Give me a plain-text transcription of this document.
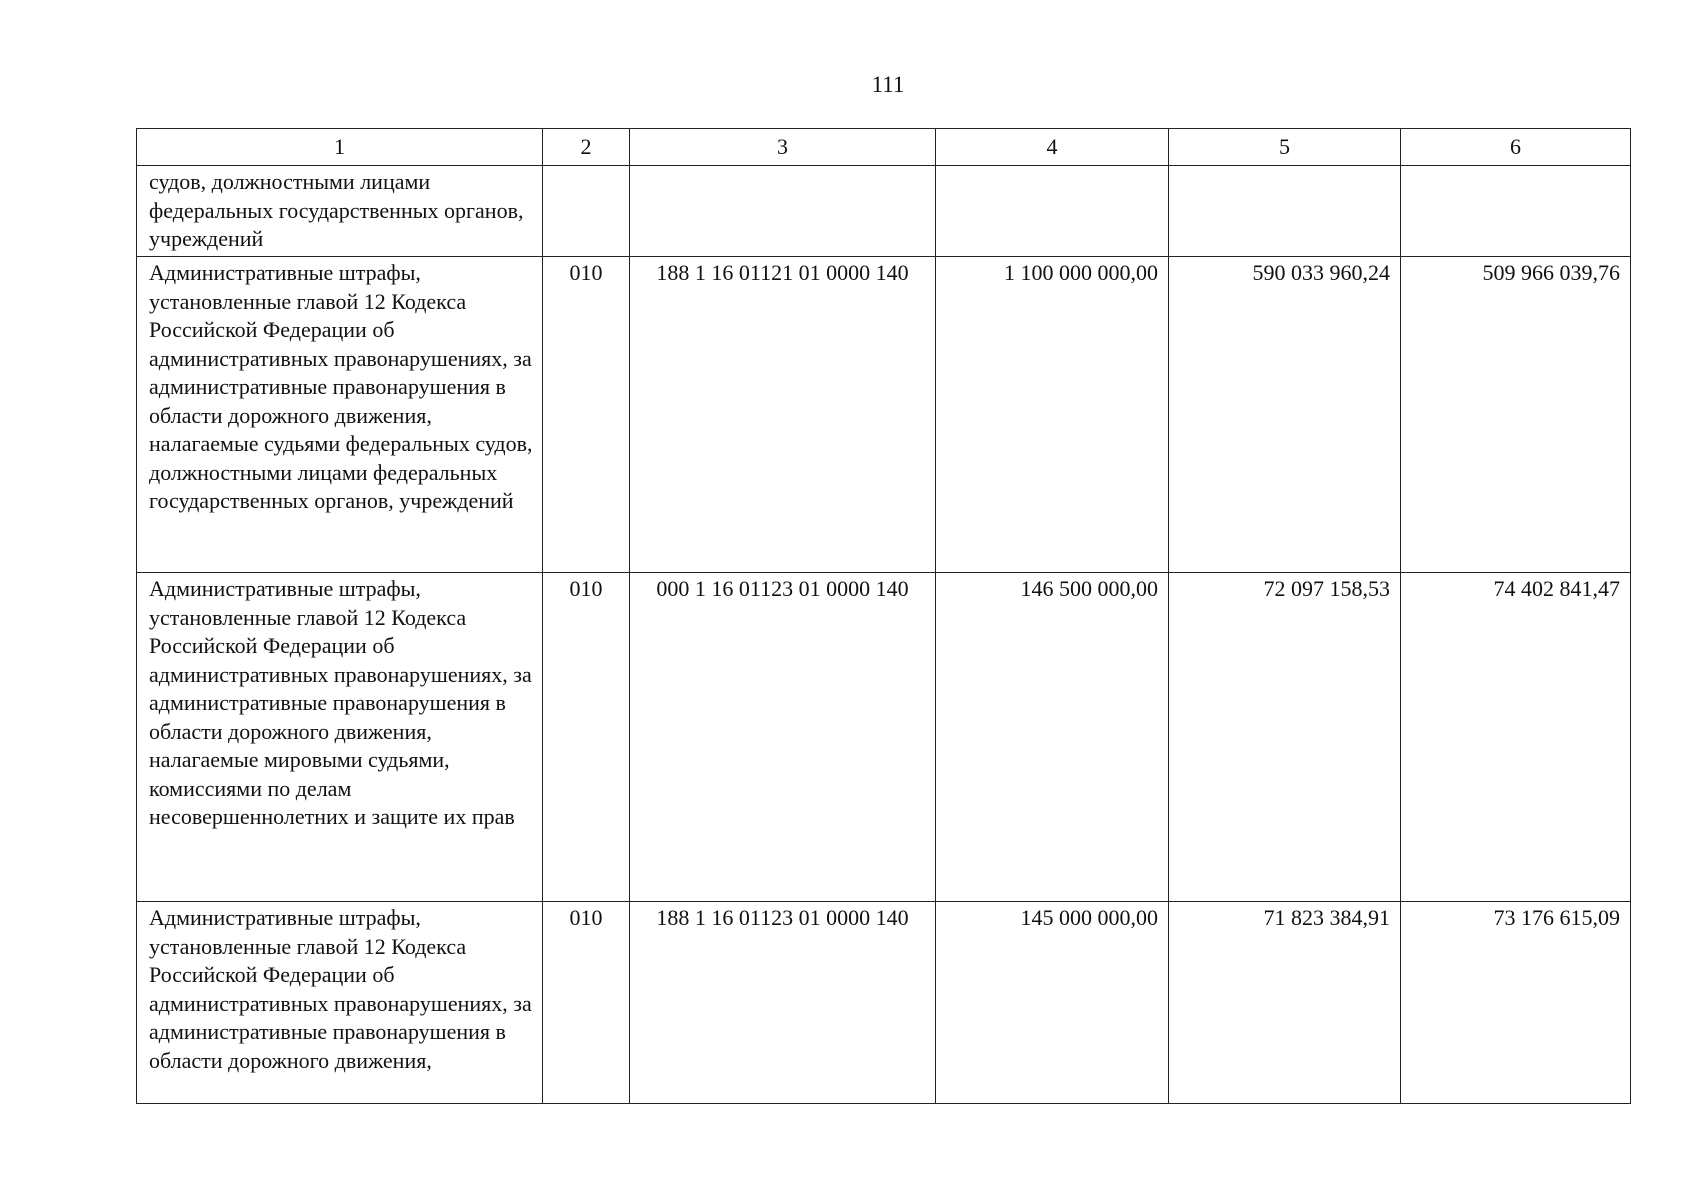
111
1	2	3	4	5	6
судов, должностными лицами федеральных государственных органов, учреждений					
Административные штрафы, установленные главой 12 Кодекса Российской Федерации об административных правонарушениях, за административные правонарушения в области дорожного движения, налагаемые судьями федеральных судов, должностными лицами федеральных государственных органов, учреждений	010	188 1 16 01121 01 0000 140	1 100 000 000,00	590 033 960,24	509 966 039,76
Административные штрафы, установленные главой 12 Кодекса Российской Федерации об административных правонарушениях, за административные правонарушения в области дорожного движения, налагаемые мировыми судьями, комиссиями по делам несовершеннолетних и защите их прав	010	000 1 16 01123 01 0000 140	146 500 000,00	72 097 158,53	74 402 841,47
Административные штрафы, установленные главой 12 Кодекса Российской Федерации об административных правонарушениях, за административные правонарушения в области дорожного движения,	010	188 1 16 01123 01 0000 140	145 000 000,00	71 823 384,91	73 176 615,09
